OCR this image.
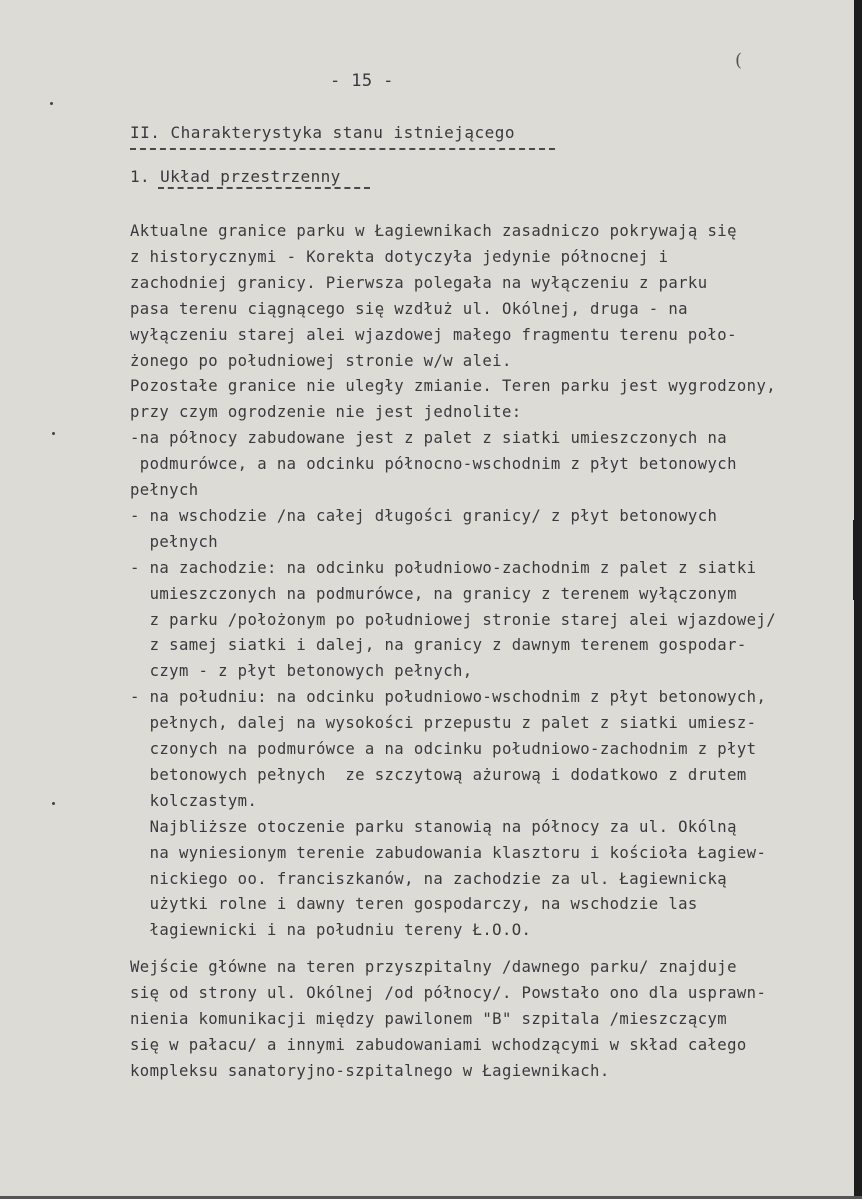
(
- 15 -
II. Charakterystyka stanu istniejącego
1. Układ przestrzenny
Aktualne granice parku w Łagiewnikach zasadniczo pokrywają się
z historycznymi - Korekta dotyczyła jedynie północnej i
zachodniej granicy. Pierwsza polegała na wyłączeniu z parku
pasa terenu ciągnącego się wzdłuż ul. Okólnej, druga - na
wyłączeniu starej alei wjazdowej małego fragmentu terenu poło-
żonego po południowej stronie w/w alei.
Pozostałe granice nie uległy zmianie. Teren parku jest wygrodzony,
przy czym ogrodzenie nie jest jednolite:
-na północy zabudowane jest z palet z siatki umieszczonych na
podmurówce, a na odcinku północno-wschodnim z płyt betonowych
pełnych
- na wschodzie /na całej długości granicy/ z płyt betonowych
pełnych
- na zachodzie: na odcinku południowo-zachodnim z palet z siatki
umieszczonych na podmurówce, na granicy z terenem wyłączonym
z parku /położonym po południowej stronie starej alei wjazdowej/
z samej siatki i dalej, na granicy z dawnym terenem gospodar-
czym - z płyt betonowych pełnych,
- na południu: na odcinku południowo-wschodnim z płyt betonowych,
pełnych, dalej na wysokości przepustu z palet z siatki umiesz-
czonych na podmurówce a na odcinku południowo-zachodnim z płyt
betonowych pełnych  ze szczytową ażurową i dodatkowo z drutem
kolczastym.
Najbliższe otoczenie parku stanowią na północy za ul. Okólną
na wyniesionym terenie zabudowania klasztoru i kościoła Łagiew-
nickiego oo. franciszkanów, na zachodzie za ul. Łagiewnicką
użytki rolne i dawny teren gospodarczy, na wschodzie las
łagiewnicki i na południu tereny Ł.O.O.
Wejście główne na teren przyszpitalny /dawnego parku/ znajduje
się od strony ul. Okólnej /od północy/. Powstało ono dla usprawn-
nienia komunikacji między pawilonem "B" szpitala /mieszczącym
się w pałacu/ a innymi zabudowaniami wchodzącymi w skład całego
kompleksu sanatoryjno-szpitalnego w Łagiewnikach.
